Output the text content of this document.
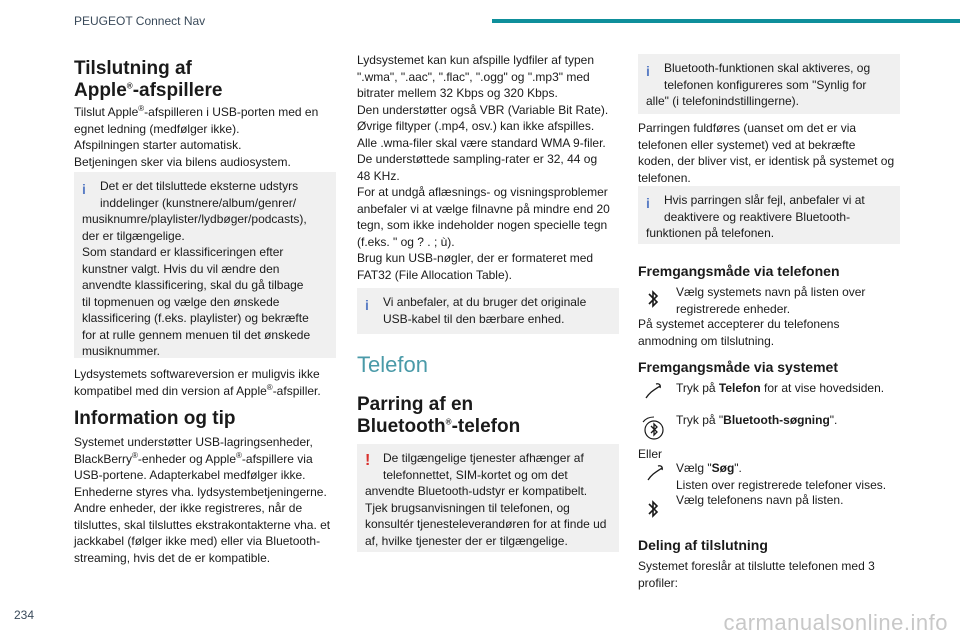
PEUGEOT Connect Nav
Tilslutning af
Apple®-afspillere

Tilslut Apple®-afspilleren i USB-porten med en

egnet ledning (medfølger ikke).

Afspilningen starter automatisk.

Betjeningen sker via bilens audiosystem.

i	Det er det tilsluttede eksterne udstyrs

inddelinger (kunstnere/album/genrer/

musiknumre/playlister/lydbøger/podcasts),

der er tilgængelige.

Som standard er klassificeringen efter

kunstner valgt. Hvis du vil ændre den

anvendte klassificering, skal du gå tilbage

til topmenuen og vælge den ønskede

klassificering (f.eks. playlister) og bekræfte

for at rulle gennem menuen til det ønskede

musiknummer.

Lydsystemets softwareversion er muligvis ikke

kompatibel med din version af Apple®-afspiller.

Information og tip

Systemet understøtter USB-lagringsenheder,

BlackBerry®-enheder og Apple®-afspillere via

USB-portene. Adapterkabel medfølger ikke.

Enhederne styres vha. lydsystembetjeningerne.

Andre enheder, der ikke registreres, når de

tilsluttes, skal tilsluttes ekstrakontakterne vha. et

jackkabel (følger ikke med) eller via Bluetooth-

streaming, hvis det de er kompatible.

Lydsystemet kan kun afspille lydfiler af typen

".wma", ".aac", ".flac", ".ogg" og ".mp3" med

bitrater mellem 32 Kbps og 320 Kbps.

Den understøtter også VBR (Variable Bit Rate).

Øvrige filtyper (.mp4, osv.) kan ikke afspilles.

Alle .wma-filer skal være standard WMA 9-filer.

De understøttede sampling-rater er 32, 44 og

48 KHz.

For at undgå aflæsnings- og visningsproblemer

anbefaler vi at vælge filnavne på mindre end 20

tegn, som ikke indeholder nogen specielle tegn

(f.eks. " og ? . ; ù).

Brug kun USB-nøgler, der er formateret med

FAT32 (File Allocation Table).

i	Vi anbefaler, at du bruger det originale

USB-kabel til den bærbare enhed.

Telefon
Parring af en
Bluetooth®-telefon
!	De tilgængelige tjenester afhænger af

telefonnettet, SIM-kortet og om det

anvendte Bluetooth-udstyr er kompatibelt.

Tjek brugsanvisningen til telefonen, og

konsultér tjenesteleverandøren for at finde ud

af, hvilke tjenester der er tilgængelige.

i	Bluetooth-funktionen skal aktiveres, og

telefonen konfigureres som "Synlig for

alle" (i telefonindstillingerne).

Parringen fuldføres (uanset om det er via

telefonen eller systemet) ved at bekræfte

koden, der bliver vist, er identisk på systemet og

telefonen.

i	Hvis parringen slår fejl, anbefaler vi at

deaktivere og reaktivere Bluetooth-

funktionen på telefonen.

Fremgangsmåde via telefonen

Vælg systemets navn på listen over

registrerede enheder.

På systemet accepterer du telefonens

anmodning om tilslutning.

Fremgangsmåde via systemet

Tryk på Telefon for at vise hovedsiden.

Tryk på "Bluetooth-søgning".

Eller

Vælg "Søg".

Listen over registrerede telefoner vises.

Vælg telefonens navn på listen.
Deling af tilslutning

Systemet foreslår at tilslutte telefonen med 3

profiler:

234	carmanualsonline.info
